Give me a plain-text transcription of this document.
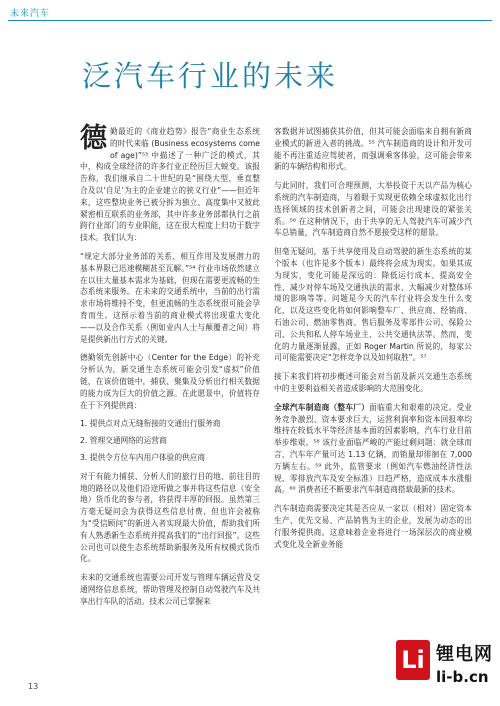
未来汽车
泛汽车行业的未来

德勤最近的《商业趋势》报告“商业生态系统的时代来临 (Business ecosystems come of age)”⁵³ 中描述了一种广泛的模式，其中，构成全球经济的许多行业正经历巨大蜕变。该报告称，我们继承自二十世纪的是“围绕大型、垂直整合及以‘自足’为主的企业建立的狭义行业”——但近年来，这些整块业务已被分拆为独立、高度集中又彼此紧密相互联系的业务部，其中许多业务部都执行之前跨行业部门的专业职能，这在很大程度上归功于数字技术。我们认为：

“规定大部分业务部的关系、相互作用及发展潜力的基本界限已迅速模糊甚至瓦解。”⁵⁴ 行业市场依然建立在以往大量基本需求为基础，但现在需要更流畅的生态系统来服务。在未来的交通系统中，当前的出行需求市场将维持不变，但更流畅的生态系统很可能会孕育而生。这预示着当前的商业模式将出现重大变化——以及合作关系（例如业内人士与颠覆者之间）将是提供新出行方式的关键。

德勤领先创新中心（Center for the Edge）的补充分析认为，新交通生态系统可能会引发“虚拟”价值链，在该价值链中，捕获、聚集及分析出行相关数据的能力成为巨大的价值之源。在此愿景中，价值将存在于下列提供商：

1. 提供点对点无缝衔接的交通出行服务商

2. 管理交通网络的运营商

3. 提供令方位车内用户体验的供应商

对于有能力捕获、分析人们的旅行目的地、前往目的地的路径以及他们沿途所做之事并将这些信息（安全地）货币化的参与者，将获得丰厚的回报。虽然第三方毫无疑问会为获得这些信息付费，但也许会被称为“受信顾问”的新进入者实现最大价值，帮助我们所有人熟悉新生态系统并提高我们的“出行回报”。这些公司也可以使生态系统帮助新服务及所有权模式货币化。

未来的交通系统也需要公司开发与管理车辆运营及交通网络信息系统，帮助管理及控制自动驾驶汽车及共享出行车队的活动。技术公司已掌握来

客数据并试图捕获其价值，但其可能会面临来自拥有新商业模式的新进入者的挑战。⁵⁵ 汽车制造商的设计和开发可能不再注重适应驾驶者，而强调乘客体验，这可能会带来新的车辆结构和形式。

与此同时，我们可合理预测，大举投资于天以产品为核心系统的汽车制造商，与着眼于实现更依赖全球虚拟化出行选择领域的技术创新者之间，可能会出现建设的紧张关系。⁵⁶ 在这种情况下，由于共享的无人驾驶汽车可减少汽车总销量，汽车制造商自然不愿接受这样的愿景。

但毫无疑问，基于共享使用及自动驾驶的新生态系统的某个版本（也许是多个版本）最终将会成为现实。如果其成为现实，变化可能是深远的：降低运行成本、提高安全性、减少对停车场及交通执法的需求、大幅减少对整体环境的影响等等。问题是今天的汽车行业将会发生什么变化，以及这些变化将如何影响整车厂、供应商、经销商、石油公司、燃油零售商、售后服务及零部件公司、保险公司、公共和私人停车场业主、公共交通执法等。然而，变化的力量逐渐显露，正如 Roger Martin 所说的，每家公司可能需要决定“怎样竞争以及如何取胜”。⁵⁷

接下来我们将初步概述可能会对当前及新兴交通生态系统中的主要利益相关者造成影响的大范围变化。

全球汽车制造商（整车厂）面临重大和艰难的决定。受业务竞争激烈、资本要求巨大，运营利润率和资本回报率均维持在较低水平等经济基本面的因素影响，汽车行业目前举步维艰。⁵⁸ 该行业面临严峻的产能过剩问题：就全球而言，汽车年产量可达 1.13 亿辆，而销量却徘徊在 7,000 万辆左右。⁵⁹ 此外，监管要求（例如汽车燃油经济性法规、零排放汽车及安全标准）日趋严格，造成成本水涨船高。⁶⁰ 消费者还不断要求汽车制造商搭载最新的技术。

汽车制造商需要决定其是否应从一家以（相对）固定资本生产、优先交易、产品销售为主的企业，发展为动态的出行服务提供商。这意味着企业将进行一场深层次的商业模式变化及全新业务能

13
Li 锂电网
li-b.cn
